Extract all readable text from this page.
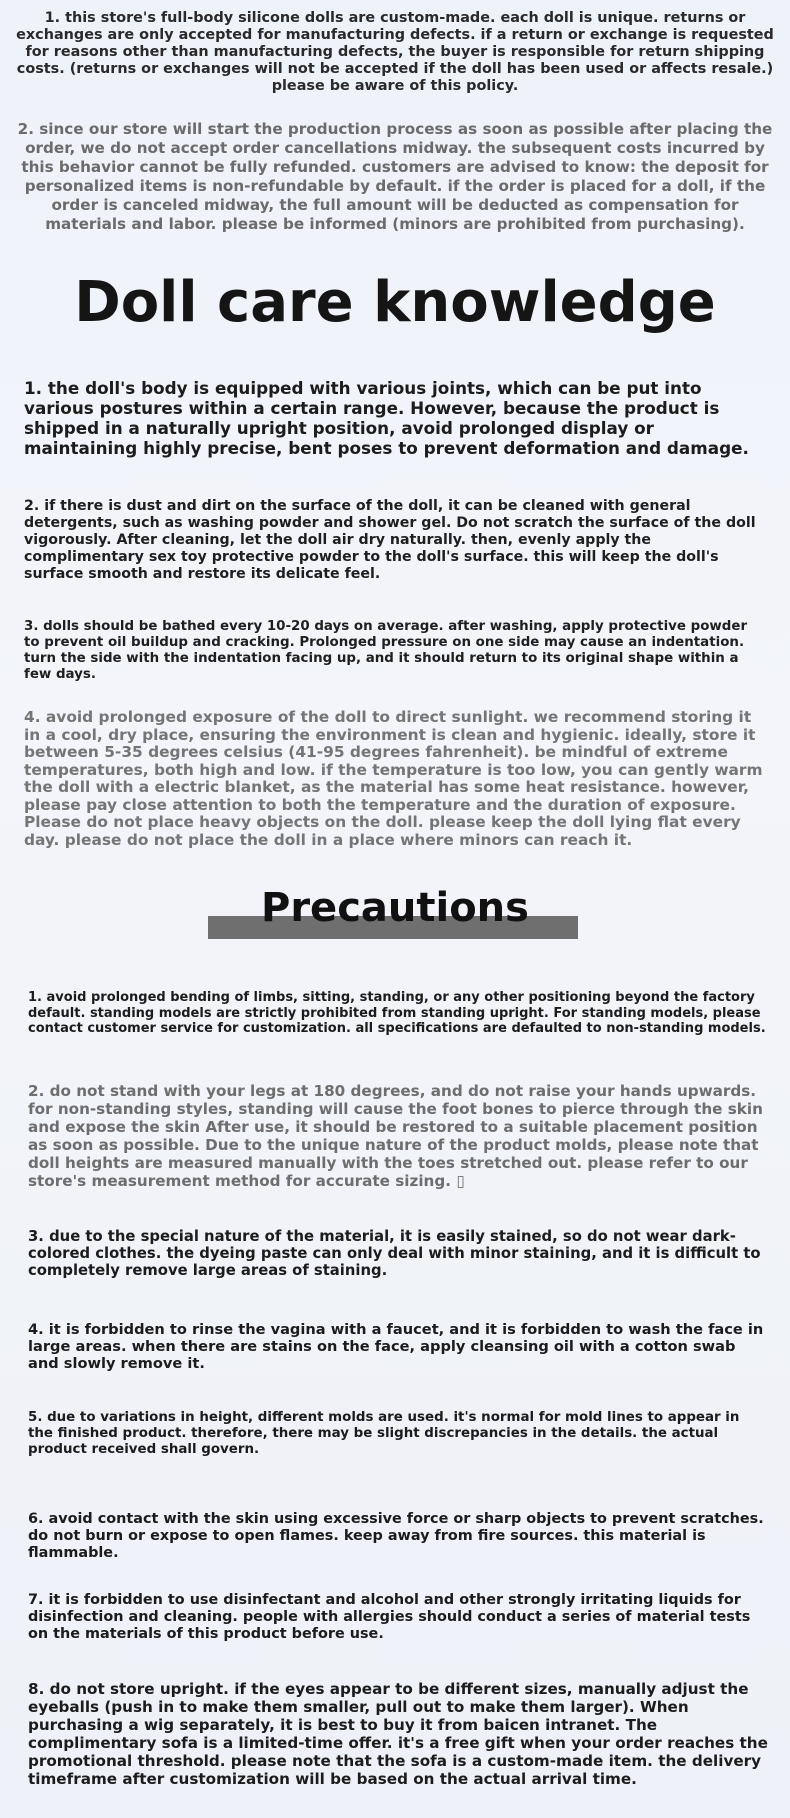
1. this store's full-body silicone dolls are custom-made. each doll is unique. returns or exchanges are only accepted for manufacturing defects. if a return or exchange is requested for reasons other than manufacturing defects, the buyer is responsible for return shipping costs. (returns or exchanges will not be accepted if the doll has been used or affects resale.) please be aware of this policy.

2. since our store will start the production process as soon as possible after placing the order, we do not accept order cancellations midway. the subsequent costs incurred by this behavior cannot be fully refunded. customers are advised to know: the deposit for personalized items is non-refundable by default. if the order is placed for a doll, if the order is canceled midway, the full amount will be deducted as compensation for materials and labor. please be informed (minors are prohibited from purchasing).

Doll care knowledge

1. the doll's body is equipped with various joints, which can be put into various postures within a certain range. However, because the product is shipped in a naturally upright position, avoid prolonged display or maintaining highly precise, bent poses to prevent deformation and damage.

2. if there is dust and dirt on the surface of the doll, it can be cleaned with general detergents, such as washing powder and shower gel. Do not scratch the surface of the doll vigorously. After cleaning, let the doll air dry naturally. then, evenly apply the complimentary sex toy protective powder to the doll's surface. this will keep the doll's surface smooth and restore its delicate feel.

3. dolls should be bathed every 10-20 days on average. after washing, apply protective powder to prevent oil buildup and cracking. Prolonged pressure on one side may cause an indentation. turn the side with the indentation facing up, and it should return to its original shape within a few days.

4. avoid prolonged exposure of the doll to direct sunlight. we recommend storing it in a cool, dry place, ensuring the environment is clean and hygienic. ideally, store it between 5-35 degrees celsius (41-95 degrees fahrenheit). be mindful of extreme temperatures, both high and low. if the temperature is too low, you can gently warm the doll with a electric blanket, as the material has some heat resistance. however, please pay close attention to both the temperature and the duration of exposure. Please do not place heavy objects on the doll. please keep the doll lying flat every day. please do not place the doll in a place where minors can reach it.

Precautions

1. avoid prolonged bending of limbs, sitting, standing, or any other positioning beyond the factory default. standing models are strictly prohibited from standing upright. For standing models, please contact customer service for customization. all specifications are defaulted to non-standing models.

2. do not stand with your legs at 180 degrees, and do not raise your hands upwards. for non-standing styles, standing will cause the foot bones to pierce through the skin and expose the skin After use, it should be restored to a suitable placement position as soon as possible. Due to the unique nature of the product molds, please note that doll heights are measured manually with the toes stretched out. please refer to our store's measurement method for accurate sizing. ▯

3. due to the special nature of the material, it is easily stained, so do not wear dark-colored clothes. the dyeing paste can only deal with minor staining, and it is difficult to completely remove large areas of staining.

4. it is forbidden to rinse the vagina with a faucet, and it is forbidden to wash the face in large areas. when there are stains on the face, apply cleansing oil with a cotton swab and slowly remove it.

5. due to variations in height, different molds are used. it's normal for mold lines to appear in the finished product. therefore, there may be slight discrepancies in the details. the actual product received shall govern.

6. avoid contact with the skin using excessive force or sharp objects to prevent scratches. do not burn or expose to open flames. keep away from fire sources. this material is flammable.

7. it is forbidden to use disinfectant and alcohol and other strongly irritating liquids for disinfection and cleaning. people with allergies should conduct a series of material tests on the materials of this product before use.

8. do not store upright. if the eyes appear to be different sizes, manually adjust the eyeballs (push in to make them smaller, pull out to make them larger). When purchasing a wig separately, it is best to buy it from baicen intranet. The complimentary sofa is a limited-time offer. it's a free gift when your order reaches the promotional threshold. please note that the sofa is a custom-made item. the delivery timeframe after customization will be based on the actual arrival time.
